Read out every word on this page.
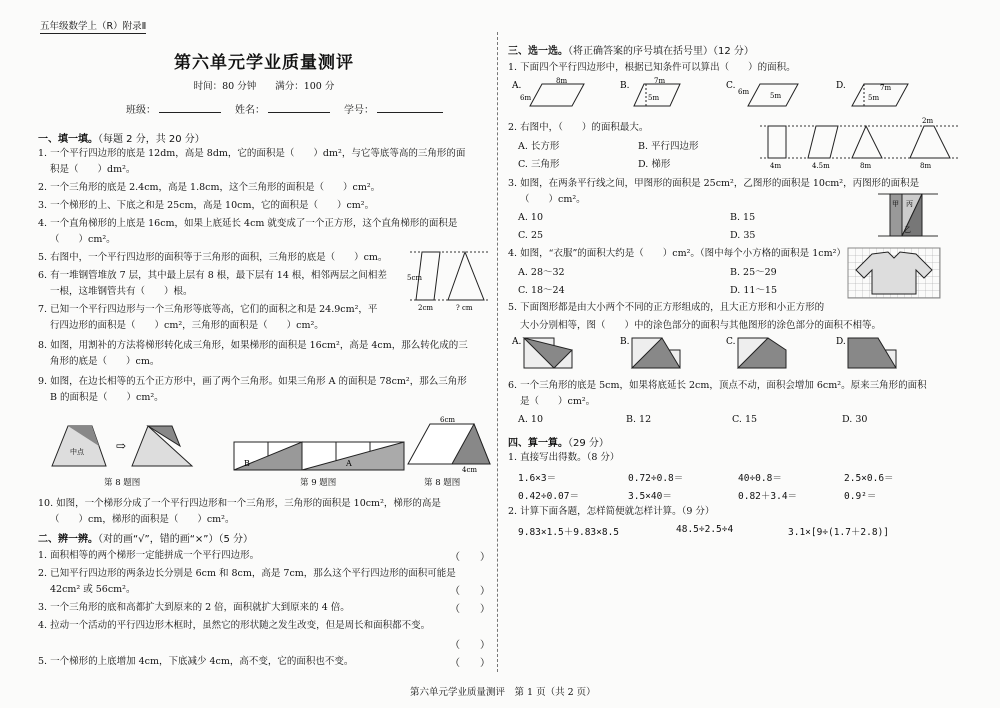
五年级数学上（R）附录Ⅱ
第六单元学业质量测评
时间：80 分钟　　满分：100 分
班级：	姓名：	学号：
一、填一填。（每题 2 分，共 20 分）
1. 一个平行四边形的底是 12dm，高是 8dm，它的面积是（　　）dm²，与它等底等高的三角形的面
积是（　　）dm²。
2. 一个三角形的底是 2.4cm，高是 1.8cm，这个三角形的面积是（　　）cm²。
3. 一个梯形的上、下底之和是 25cm，高是 10cm，它的面积是（　　）cm²。
4. 一个直角梯形的上底是 16cm，如果上底延长 4cm 就变成了一个正方形，这个直角梯形的面积是
（　　）cm²。
5. 右图中，一个平行四边形的面积等于三角形的面积，三角形的底是（　　）cm。
6. 有一堆钢管堆放 7 层，其中最上层有 8 根，最下层有 14 根，相邻两层之间相差
一根，这堆钢管共有（　　）根。
7. 已知一个平行四边形与一个三角形等底等高，它们的面积之和是 24.9cm²，平
行四边形的面积是（　　）cm²，三角形的面积是（　　）cm²。
8. 如图，用割补的方法将梯形转化成三角形，如果梯形的面积是 16cm²，高是 4cm，那么转化成的三
角形的底是（　　）cm。
9. 如图，在边长相等的五个正方形中，画了两个三角形。如果三角形 A 的面积是 78cm²，那么三角形
B 的面积是（　　）cm²。
5cm
2cm	? cm
中点	⇨
第 8 题图
B	A
第 9 题图
6cm
4cm
第 8 题图
10. 如图，一个梯形分成了一个平行四边形和一个三角形，三角形的面积是 10cm²，梯形的高是
（　　）cm，梯形的面积是（　　）cm²。
二、辨一辨。（对的画“√”，错的画“×”）（5 分）
1. 面积相等的两个梯形一定能拼成一个平行四边形。	（　　）
2. 已知平行四边形的两条边长分别是 6cm 和 8cm，高是 7cm，那么这个平行四边形的面积可能是
42cm² 或 56cm²。	（　　）
3. 一个三角形的底和高都扩大到原来的 2 倍，面积就扩大到原来的 4 倍。	（　　）
4. 拉动一个活动的平行四边形木框时，虽然它的形状随之发生改变，但是周长和面积都不变。
（　　）
5. 一个梯形的上底增加 4cm，下底减少 4cm，高不变，它的面积也不变。	（　　）
三、选一选。（将正确答案的序号填在括号里）（12 分）
1. 下面四个平行四边形中，根据已知条件可以算出（　　）的面积。
A.	8m
6m
B.	7m
5m
C.
5m
6m
D.	7m
5m
2. 右图中，（　　）的面积最大。
A. 长方形	B. 平行四边形
C. 三角形	D. 梯形	4m	4.5m	8m	8m
2m
3. 如图，在两条平行线之间，甲图形的面积是 25cm²，乙图形的面积是 10cm²，丙图形的面积是
（　　）cm²。
A. 10	B. 15
C. 25	D. 35
甲 丙
乙
4. 如图，“衣服”的面积大约是（　　）cm²。（图中每个小方格的面积是 1cm²）
A. 28～32	B. 25～29
C. 18～24	D. 11～15
5. 下面图形都是由大小两个不同的正方形组成的，且大正方形和小正方形的
大小分别相等，图（　　）中的涂色部分的面积与其他图形的涂色部分的面积不相等。
A.	B.	C.	D.
6. 一个三角形的底是 5cm，如果将底延长 2cm，顶点不动，面积会增加 6cm²。原来三角形的面积
是（　　）cm²。
A. 10	B. 12	C. 15	D. 30
四、算一算。（29 分）
1. 直接写出得数。（8 分）
1.6×3＝	0.72÷0.8＝	40÷0.8＝	2.5×0.6＝
0.42÷0.07＝	3.5×40＝	0.82＋3.4＝	0.9²＝
2. 计算下面各题，怎样简便就怎样计算。（9 分）
9.83×1.5＋9.83×8.5	48.5÷2.5÷4	3.1×[9÷(1.7＋2.8)]
第六单元学业质量测评　第 1 页（共 2 页）
